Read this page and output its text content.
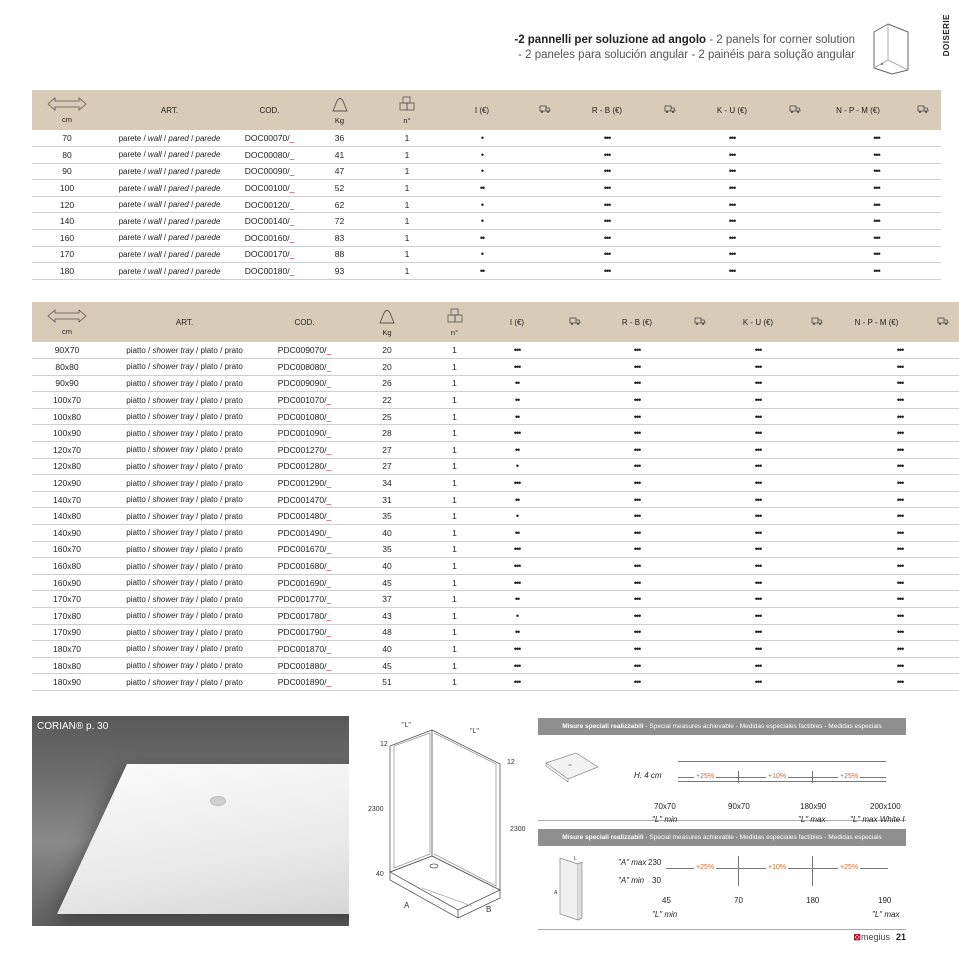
DOISERIE
-2 pannelli per soluzione ad angolo - 2 panels for corner solution
- 2 paneles para solución angular - 2 painéis para solução angular
cm	ART.	COD.	Kg	n°	I (€)		R - B (€)		K - U (€)		N - P - M (€)	
70	parete / wall / pared / parede	DOC00070/_	36	1	•		•••		•••		•••	
80	parete / wall / pared / parede	DOC00080/_	41	1	•		•••		•••		•••	
90	parete / wall / pared / parede	DOC00090/_	47	1	•		•••		•••		•••	
100	parete / wall / pared / parede	DOC00100/_	52	1	••		•••		•••		•••	
120	parete / wall / pared / parede	DOC00120/_	62	1	•		•••		•••		•••	
140	parete / wall / pared / parede	DOC00140/_	72	1	•		•••		•••		•••	
160	parete / wall / pared / parede	DOC00160/_	83	1	••		•••		•••		•••	
170	parete / wall / pared / parede	DOC00170/_	88	1	•		•••		•••		•••	
180	parete / wall / pared / parede	DOC00180/_	93	1	••		•••		•••		•••	
cm	ART.	COD.	Kg	n°	I (€)		R - B (€)		K - U (€)		N - P - M (€)	
90X70	piatto / shower tray / plato / prato	PDC009070/_	20	1	•••		•••		•••		•••	
80x80	piatto / shower tray / plato / prato	PDC008080/_	20	1	•••		•••		•••		•••	
90x90	piatto / shower tray / plato / prato	PDC009090/_	26	1	••		•••		•••		•••	
100x70	piatto / shower tray / plato / prato	PDC001070/_	22	1	••		•••		•••		•••	
100x80	piatto / shower tray / plato / prato	PDC001080/_	25	1	••		•••		•••		•••	
100x90	piatto / shower tray / plato / prato	PDC001090/_	28	1	•••		•••		•••		•••	
120x70	piatto / shower tray / plato / prato	PDC001270/_	27	1	••		•••		•••		•••	
120x80	piatto / shower tray / plato / prato	PDC001280/_	27	1	•		•••		•••		•••	
120x90	piatto / shower tray / plato / prato	PDC001290/_	34	1	•••		•••		•••		•••	
140x70	piatto / shower tray / plato / prato	PDC001470/_	31	1	••		•••		•••		•••	
140x80	piatto / shower tray / plato / prato	PDC001480/_	35	1	•		•••		•••		•••	
140x90	piatto / shower tray / plato / prato	PDC001490/_	40	1	••		•••		•••		•••	
160x70	piatto / shower tray / plato / prato	PDC001670/_	35	1	•••		•••		•••		•••	
160x80	piatto / shower tray / plato / prato	PDC001680/_	40	1	•••		•••		•••		•••	
160x90	piatto / shower tray / plato / prato	PDC001690/_	45	1	•••		•••		•••		•••	
170x70	piatto / shower tray / plato / prato	PDC001770/_	37	1	••		•••		•••		•••	
170x80	piatto / shower tray / plato / prato	PDC001780/_	43	1	•		•••		•••		•••	
170x90	piatto / shower tray / plato / prato	PDC001790/_	48	1	••		•••		•••		•••	
180x70	piatto / shower tray / plato / prato	PDC001870/_	40	1	•••		•••		•••		•••	
180x80	piatto / shower tray / plato / prato	PDC001880/_	45	1	•••		•••		•••		•••	
180x90	piatto / shower tray / plato / prato	PDC001890/_	51	1	•••		•••		•••		•••	
CORIAN® p. 30	"L"
"L"
12
12
2300
2300
40
A	B
Misure speciali realizzabili - Special measures achievable - Medidas especiales factibles - Medidas especiais
H. 4 cm	+25%	+10%	+25%
70x70	90x70	180x90	200x100
"L" min	"L" max	"L" max White I
Misure speciali realizzabili - Special measures achievable - Medidas especiales factibles - Medidas especiais
L
A
"A" max 230
"A" min 30
+25%	+10%	+25%
45	70	180	190
"L" min	"L" max
⊠megius 21
